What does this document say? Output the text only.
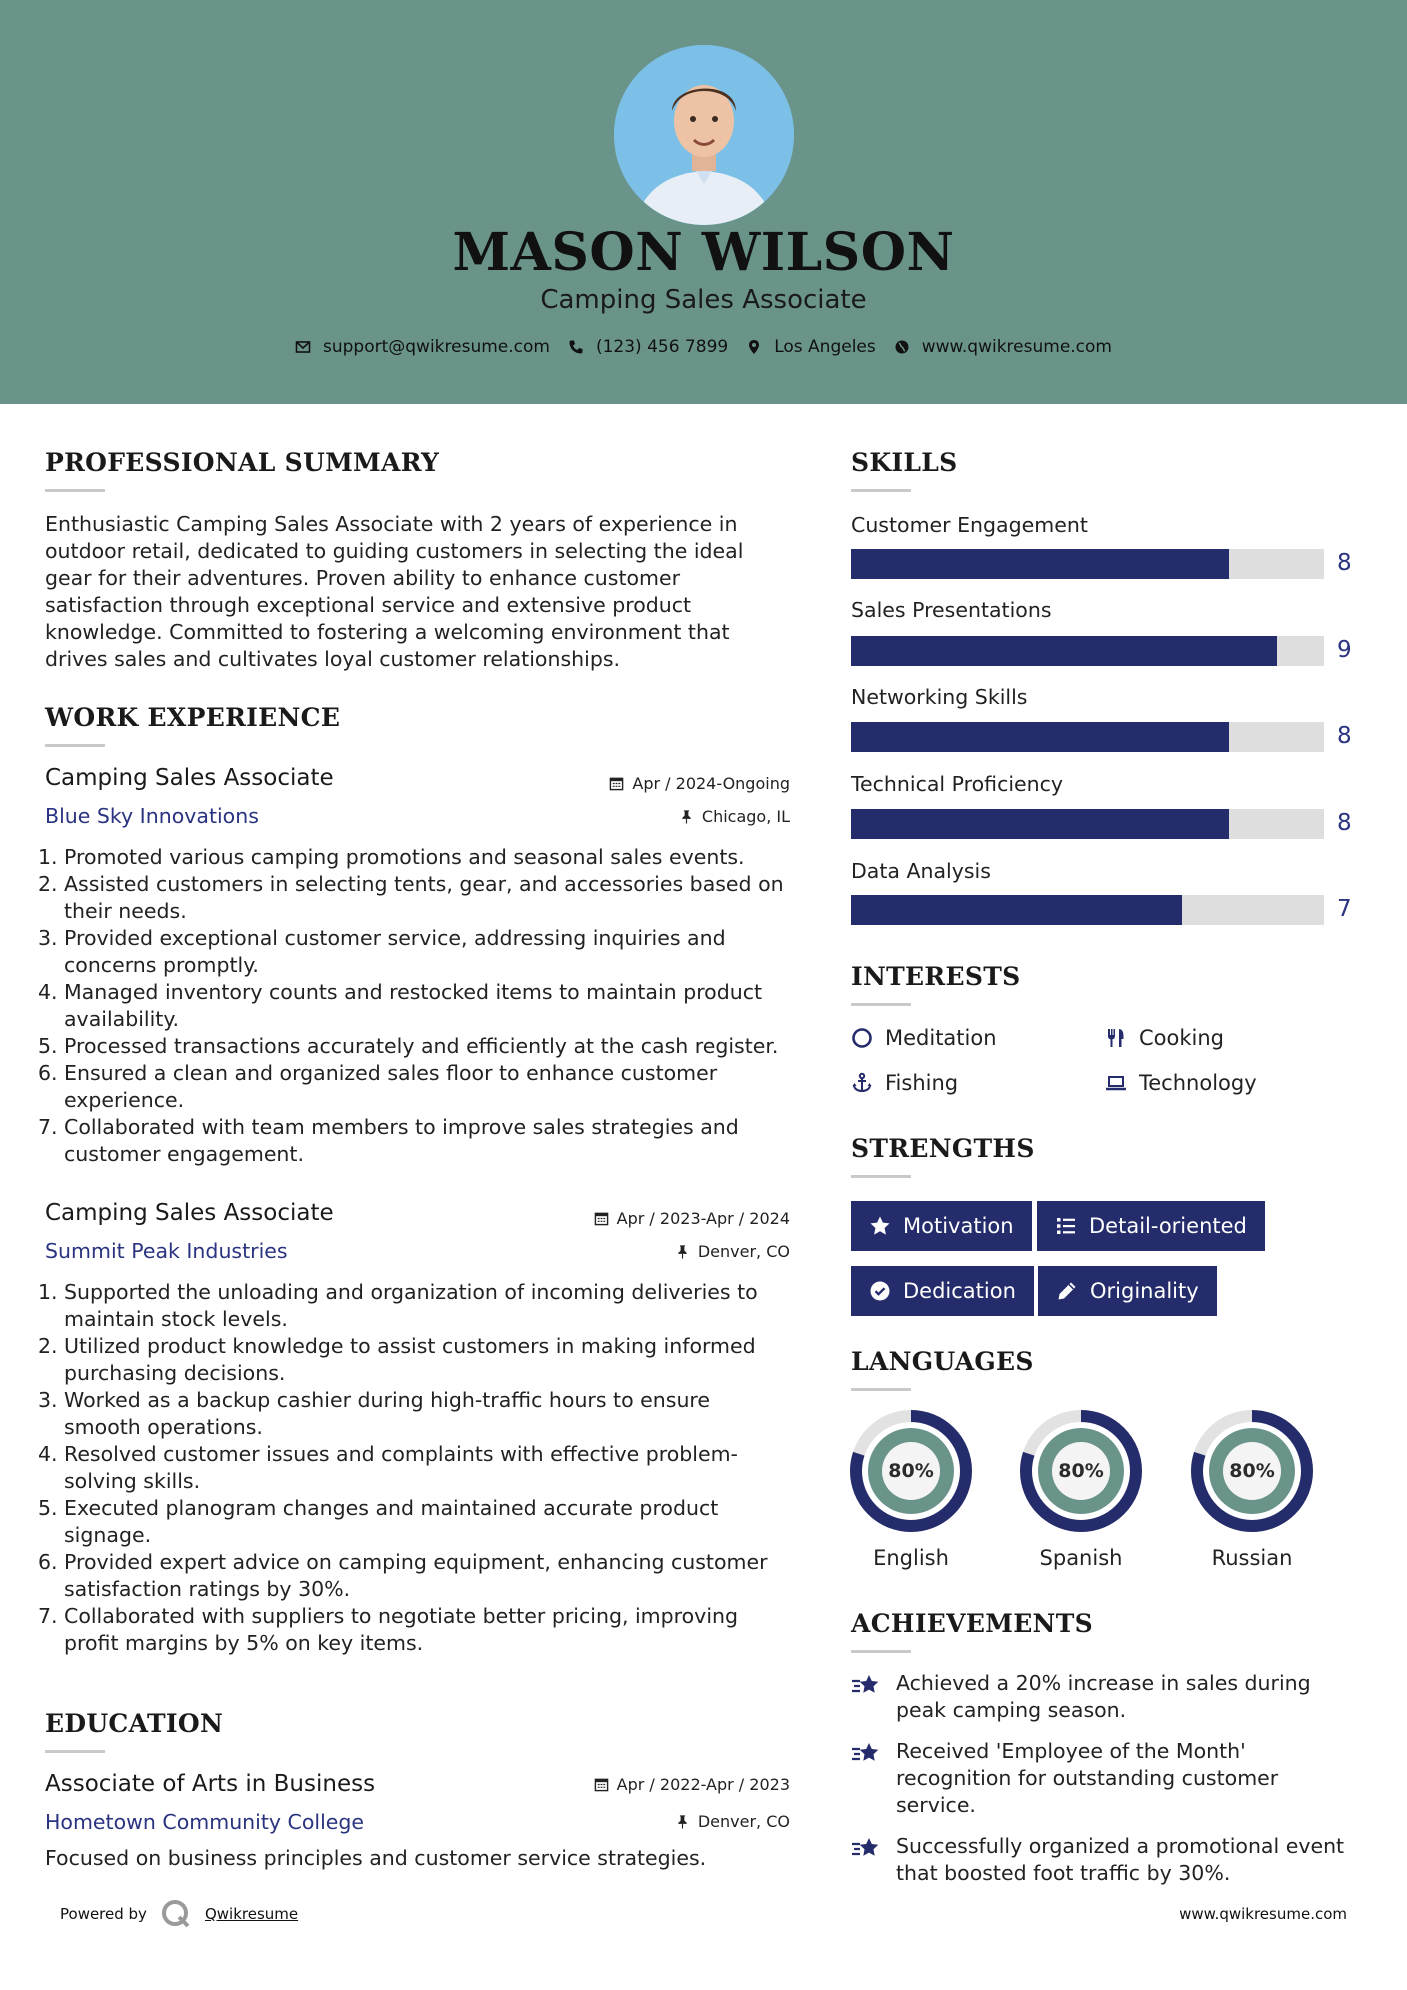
MASON WILSON
Camping Sales Associate
support@qwikresume.com	(123) 456 7899	Los Angeles	www.qwikresume.com
PROFESSIONAL SUMMARY
Enthusiastic Camping Sales Associate with 2 years of experience in
outdoor retail, dedicated to guiding customers in selecting the ideal
gear for their adventures. Proven ability to enhance customer
satisfaction through exceptional service and extensive product
knowledge. Committed to fostering a welcoming environment that
drives sales and cultivates loyal customer relationships.
WORK EXPERIENCE
Camping Sales Associate
Blue Sky Innovations
Apr / 2024-Ongoing
Chicago, IL
Promoted various camping promotions and seasonal sales events.
Assisted customers in selecting tents, gear, and accessories based on
their needs.
Provided exceptional customer service, addressing inquiries and
concerns promptly.
Managed inventory counts and restocked items to maintain product
availability.
Processed transactions accurately and efficiently at the cash register.
Ensured a clean and organized sales floor to enhance customer
experience.
Collaborated with team members to improve sales strategies and
customer engagement.
Camping Sales Associate
Summit Peak Industries
Apr / 2023-Apr / 2024
Denver, CO
Supported the unloading and organization of incoming deliveries to
maintain stock levels.
Utilized product knowledge to assist customers in making informed
purchasing decisions.
Worked as a backup cashier during high-traffic hours to ensure
smooth operations.
Resolved customer issues and complaints with effective problem-
solving skills.
Executed planogram changes and maintained accurate product
signage.
Provided expert advice on camping equipment, enhancing customer
satisfaction ratings by 30%.
Collaborated with suppliers to negotiate better pricing, improving
profit margins by 5% on key items.
EDUCATION
Associate of Arts in Business
Hometown Community College
Apr / 2022-Apr / 2023
Denver, CO
Focused on business principles and customer service strategies.
SKILLS
Customer Engagement
8
Sales Presentations
9
Networking Skills
8
Technical Proficiency
8
Data Analysis
7
INTERESTS
Meditation	Cooking
Fishing	Technology
STRENGTHS
Motivation	Detail-oriented
Dedication	Originality
LANGUAGES
80%
English
80%
Spanish
80%
Russian
ACHIEVEMENTS
Achieved a 20% increase in sales during
peak camping season.
Received 'Employee of the Month'
recognition for outstanding customer
service.
Successfully organized a promotional event
that boosted foot traffic by 30%.
Powered by	Qwikresume	www.qwikresume.com
